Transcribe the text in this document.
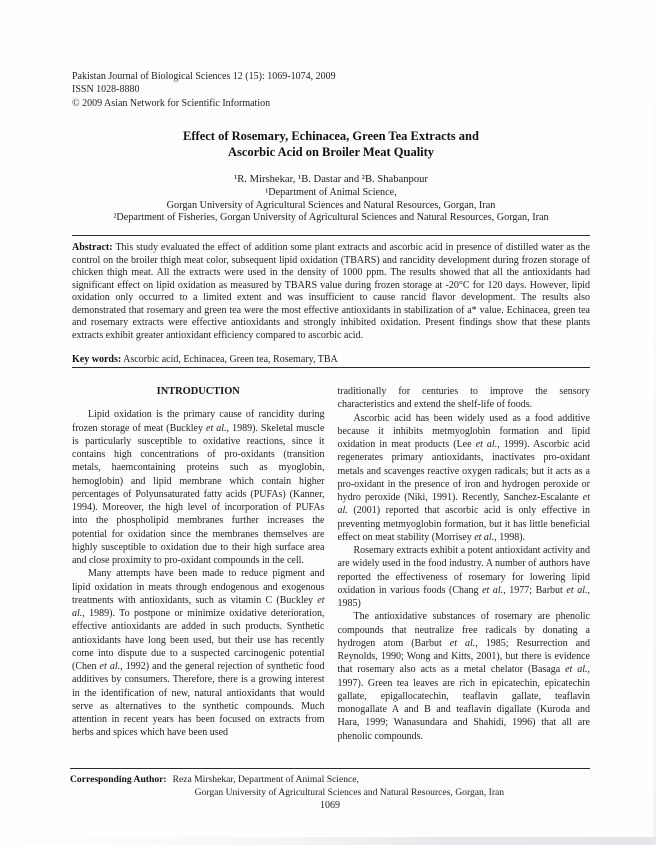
Pakistan Journal of Biological Sciences 12 (15): 1069-1074, 2009
ISSN 1028-8880
© 2009 Asian Network for Scientific Information
Effect of Rosemary, Echinacea, Green Tea Extracts and
Ascorbic Acid on Broiler Meat Quality
¹R. Mirshekar, ¹B. Dastar and ²B. Shabanpour
¹Department of Animal Science,
Gorgan University of Agricultural Sciences and Natural Resources, Gorgan, Iran
²Department of Fisheries, Gorgan University of Agricultural Sciences and Natural Resources, Gorgan, Iran
Abstract: This study evaluated the effect of addition some plant extracts and ascorbic acid in presence of distilled water as the control on the broiler thigh meat color, subsequent lipid oxidation (TBARS) and rancidity development during frozen storage of chicken thigh meat. All the extracts were used in the density of 1000 ppm. The results showed that all the antioxidants had significant effect on lipid oxidation as measured by TBARS value during frozen storage at -20°C for 120 days. However, lipid oxidation only occurred to a limited extent and was insufficient to cause rancid flavor development. The results also demonstrated that rosemary and green tea were the most effective antioxidants in stabilization of a* value. Echinacea, green tea and rosemary extracts were effective antioxidants and strongly inhibited oxidation. Present findings show that these plants extracts exhibit greater antioxidant efficiency compared to ascorbic acid.
Key words: Ascorbic acid, Echinacea, Green tea, Rosemary, TBA
INTRODUCTION

Lipid oxidation is the primary cause of rancidity during frozen storage of meat (Buckley et al., 1989). Skeletal muscle is particularly susceptible to oxidative reactions, since it contains high concentrations of pro-oxidants (transition metals, haemcontaining proteins such as myoglobin, hemoglobin) and lipid membrane which contain higher percentages of Polyunsaturated fatty acids (PUFAs) (Kanner, 1994). Moreover, the high level of incorporation of PUFAs into the phospholipid membranes further increases the potential for oxidation since the membranes themselves are highly susceptible to oxidation due to their high surface area and close proximity to pro-oxidant compounds in the cell.

Many attempts have been made to reduce pigment and lipid oxidation in meats through endogenous and exogenous treatments with antioxidants, such as vitamin C (Buckley et al., 1989). To postpone or minimize oxidative deterioration, effective antioxidants are added in such products. Synthetic antioxidants have long been used, but their use has recently come into dispute due to a suspected carcinogenic potential (Chen et al., 1992) and the general rejection of synthetic food additives by consumers. Therefore, there is a growing interest in the identification of new, natural antioxidants that would serve as alternatives to the synthetic compounds. Much attention in recent years has been focused on extracts from herbs and spices which have been used

traditionally for centuries to improve the sensory characteristics and extend the shelf-life of foods.

Ascorbic acid has been widely used as a food additive because it inhibits metmyoglobin formation and lipid oxidation in meat products (Lee et al., 1999). Ascorbic acid regenerates primary antioxidants, inactivates pro-oxidant metals and scavenges reactive oxygen radicals; but it acts as a pro-oxidant in the presence of iron and hydrogen peroxide or hydro peroxide (Niki, 1991). Recently, Sanchez-Escalante et al. (2001) reported that ascorbic acid is only effective in preventing metmyoglobin formation, but it has little beneficial effect on meat stability (Morrisey et al., 1998).

Rosemary extracts exhibit a potent antioxidant activity and are widely used in the food industry. A number of authors have reported the effectiveness of rosemary for lowering lipid oxidation in various foods (Chang et al., 1977; Barbut et al., 1985)

The antioxidative substances of rosemary are phenolic compounds that neutralize free radicals by donating a hydrogen atom (Barbut et al., 1985; Resurrection and Reynolds, 1990; Wong and Kitts, 2001), but there is evidence that rosemary also acts as a metal chelator (Basaga et al., 1997). Green tea leaves are rich in epicatechin, epicatechin gallate, epigallocatechin, teaflavin gallate, teaflavin monogallate A and B and teaflavin digallate (Kuroda and Hara, 1999; Wanasundara and Shahidi, 1996) that all are phenolic compounds.

Corresponding Author: Reza Mirshekar, Department of Animal Science,
Gorgan University of Agricultural Sciences and Natural Resources, Gorgan, Iran
1069
